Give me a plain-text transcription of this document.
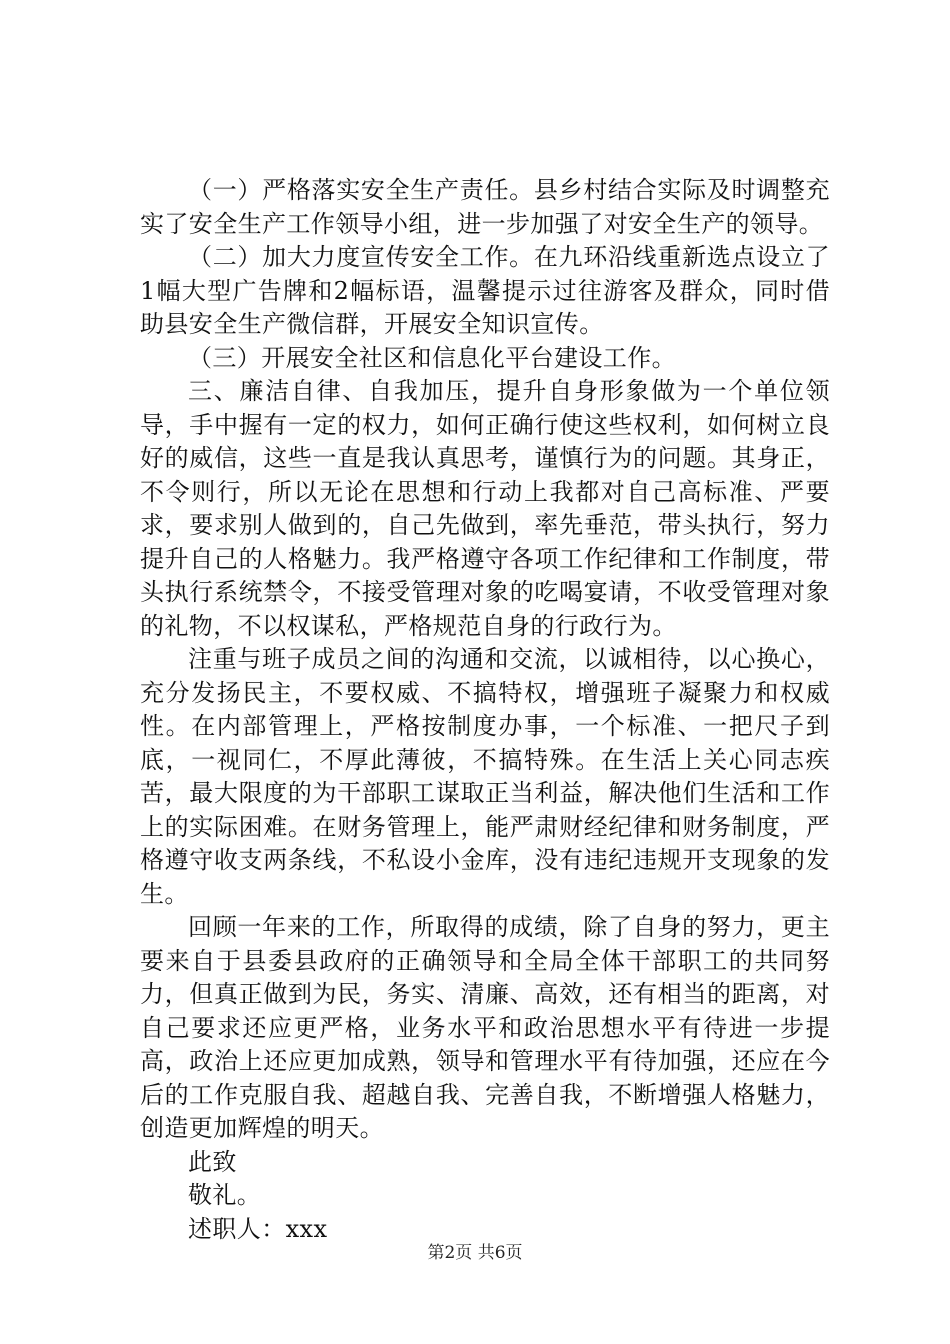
（一）严格落实安全生产责任。县乡村结合实际及时调整充实了安全生产工作领导小组，进一步加强了对安全生产的领导。

（二）加大力度宣传安全工作。在九环沿线重新选点设立了1幅大型广告牌和2幅标语，温馨提示过往游客及群众，同时借助县安全生产微信群，开展安全知识宣传。

（三）开展安全社区和信息化平台建设工作。

三、廉洁自律、自我加压，提升自身形象做为一个单位领导，手中握有一定的权力，如何正确行使这些权利，如何树立良好的威信，这些一直是我认真思考，谨慎行为的问题。其身正，不令则行，所以无论在思想和行动上我都对自己高标准、严要求，要求别人做到的，自己先做到，率先垂范，带头执行，努力提升自己的人格魅力。我严格遵守各项工作纪律和工作制度，带头执行系统禁令，不接受管理对象的吃喝宴请，不收受管理对象的礼物，不以权谋私，严格规范自身的行政行为。

注重与班子成员之间的沟通和交流，以诚相待，以心换心，充分发扬民主，不要权威、不搞特权，增强班子凝聚力和权威性。在内部管理上，严格按制度办事，一个标准、一把尺子到底，一视同仁，不厚此薄彼，不搞特殊。在生活上关心同志疾苦，最大限度的为干部职工谋取正当利益，解决他们生活和工作上的实际困难。在财务管理上，能严肃财经纪律和财务制度，严格遵守收支两条线，不私设小金库，没有违纪违规开支现象的发生。

回顾一年来的工作，所取得的成绩，除了自身的努力，更主要来自于县委县政府的正确领导和全局全体干部职工的共同努力，但真正做到为民，务实、清廉、高效，还有相当的距离，对自己要求还应更严格，业务水平和政治思想水平有待进一步提高，政治上还应更加成熟，领导和管理水平有待加强，还应在今后的工作克服自我、超越自我、完善自我，不断增强人格魅力，创造更加辉煌的明天。

此致

敬礼。

述职人：xxx

第2页 共6页
